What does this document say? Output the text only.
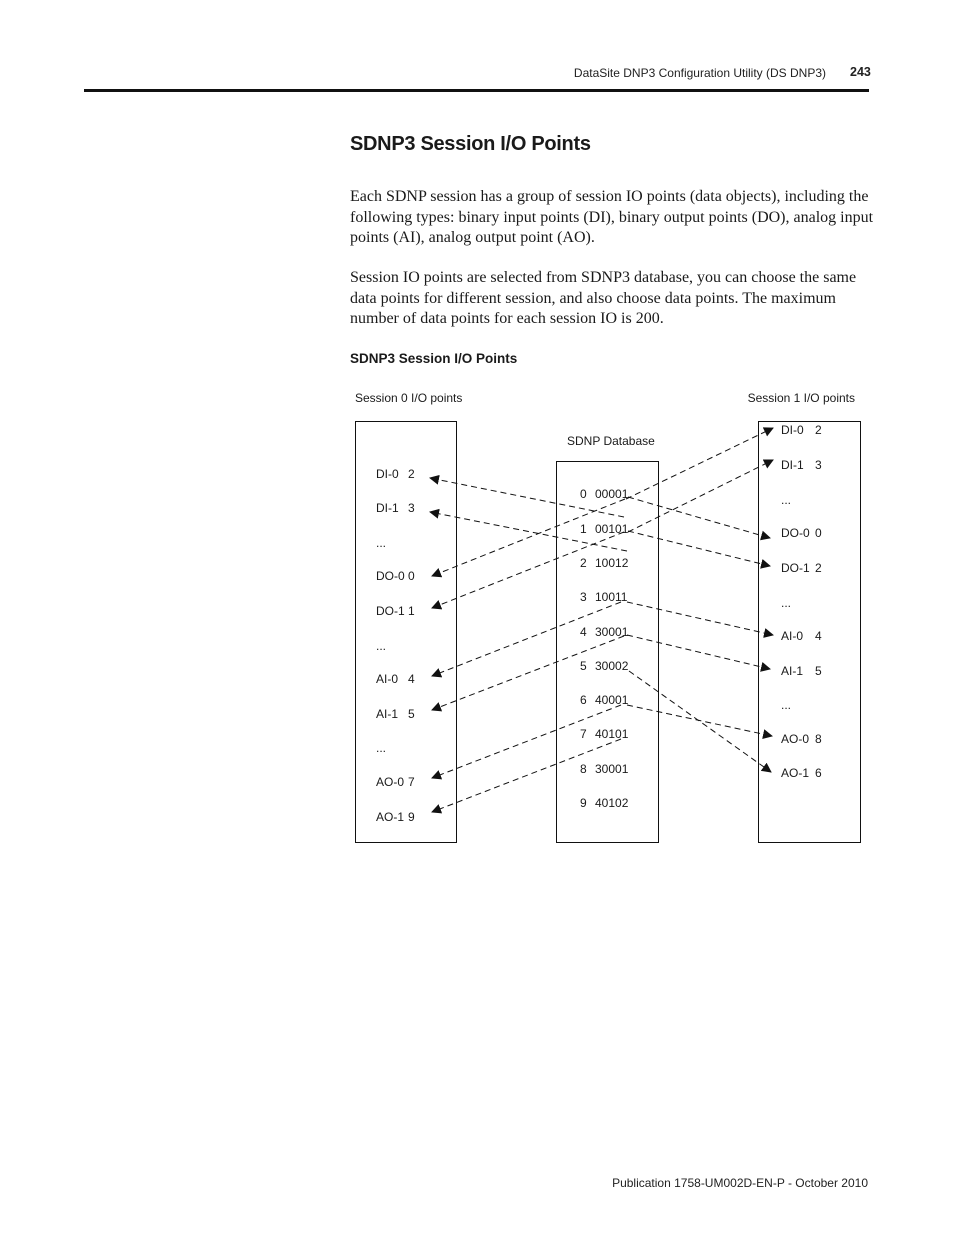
DataSite DNP3 Configuration Utility (DS DNP3) 243
SDNP3 Session I/O Points

Each SDNP session has a group of session IO points (data objects), including the following types: binary input points (DI), binary output points (DO), analog input points (AI), analog output point (AO).

Session IO points are selected from SDNP3 database, you can choose the same data points for different session, and also choose data points. The maximum number of data points for each session IO is 200.

SDNP3 Session I/O Points

Session 0 I/O points
SDNP Database
Session 1 I/O points
DI-0 2
DI-1 3
...
DO-0 0
DO-1 1
...
AI-0 4
AI-1 5
...
AO-0 7
AO-1 9
0 00001
1 00101
2 10012
3 10011
4 30001
5 30002
6 40001
7 40101
8 30001
9 40102
DI-0 2
DI-1 3
...
DO-0 0
DO-1 2
...
AI-0 4
AI-1 5
...
AO-0 8
AO-1 6
Publication 1758-UM002D-EN-P - October 2010
